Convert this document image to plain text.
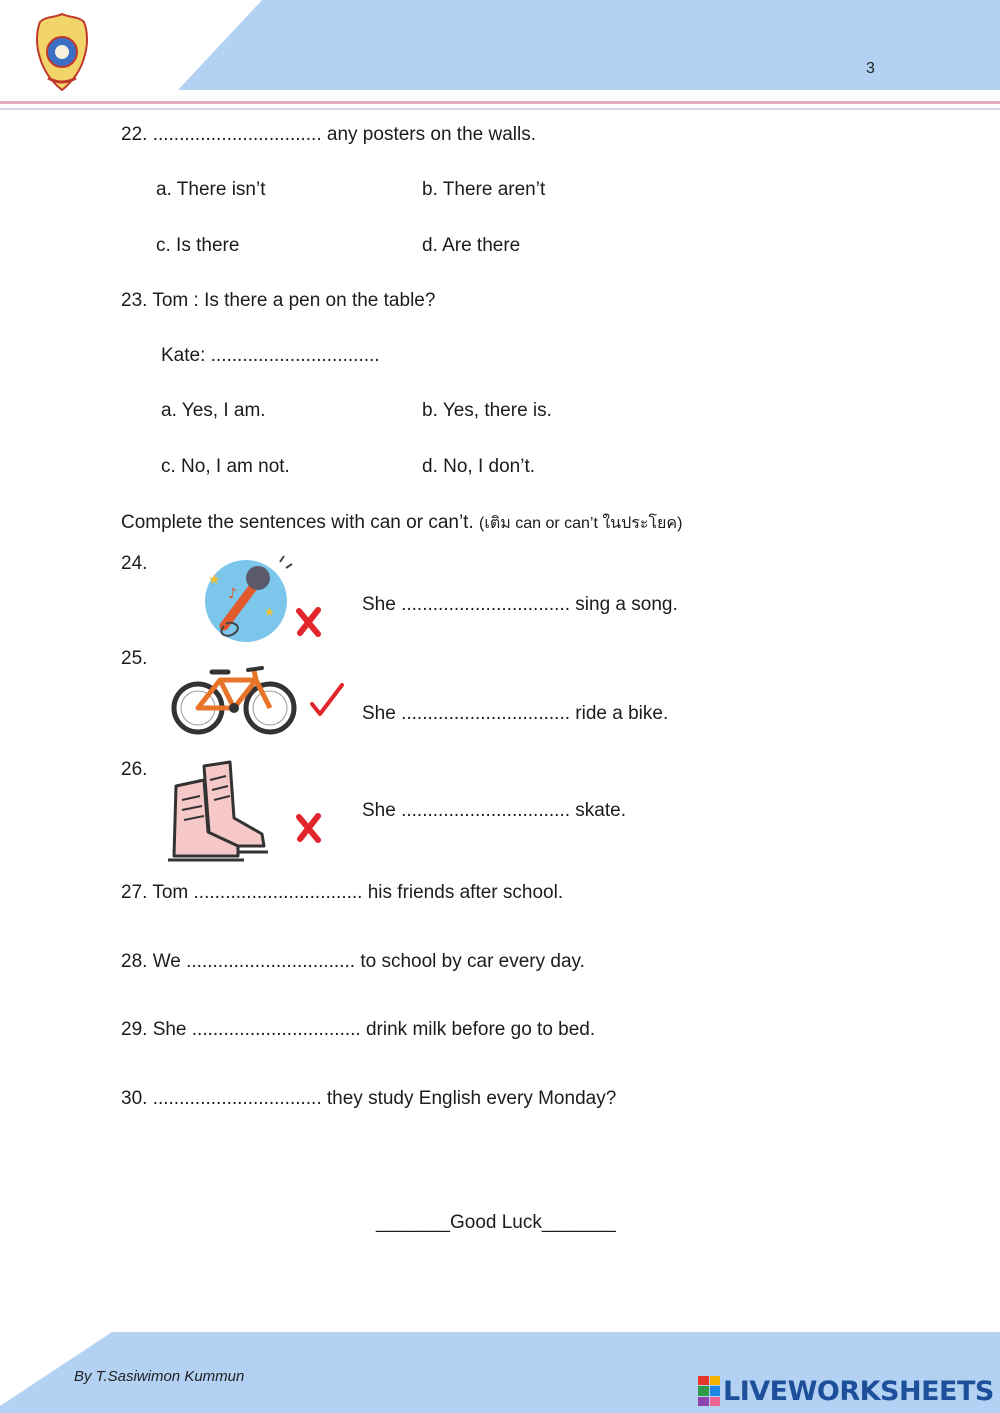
3
22. ................................ any posters on the walls.
a. There isn’t	b. There aren’t
c. Is there	d. Are there
23. Tom : Is there a pen on the table?
Kate: ................................
a. Yes, I am.	b. Yes, there is.
c. No, I am not.	d. No, I don’t.
Complete the sentences with can or can’t. (เติม can or can’t ในประโยค)
24.
★
★
♪	She ................................ sing a song.
25.
She ................................ ride a bike.
26.
She ................................ skate.
27. Tom ................................ his friends after school.
28. We ................................ to school by car every day.
29. She ................................ drink milk before go to bed.
30. ................................ they study English every Monday?
_______Good Luck_______
By T.Sasiwimon Kummun	LIVEWORKSHEETS
